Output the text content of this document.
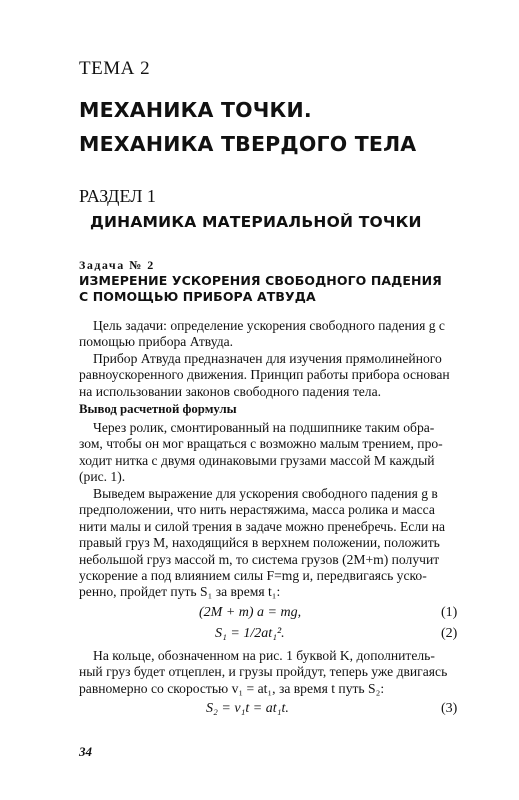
ТЕМА 2
МЕХАНИКА ТОЧКИ.
МЕХАНИКА ТВЕРДОГО ТЕЛА
РАЗДЕЛ 1
ДИНАМИКА МАТЕРИАЛЬНОЙ ТОЧКИ
Задача № 2
ИЗМЕРЕНИЕ УСКОРЕНИЯ СВОБОДНОГО ПАДЕНИЯ
С ПОМОЩЬЮ ПРИБОРА АТВУДА
Цель задачи: определение ускорения свободного падения g с
помощью прибора Атвуда.
Прибор Атвуда предназначен для изучения прямолинейного
равноускоренного движения. Принцип работы прибора основан
на использовании законов свободного падения тела.
Вывод расчетной формулы
Через ролик, смонтированный на подшипнике таким обра-
зом, чтобы он мог вращаться с возможно малым трением, про-
ходит нитка с двумя одинаковыми грузами массой M каждый
(рис. 1).
Выведем выражение для ускорения свободного падения g в
предположении, что нить нерастяжима, масса ролика и масса
нити малы и силой трения в задаче можно пренебречь. Если на
правый груз M, находящийся в верхнем положении, положить
небольшой груз массой m, то система грузов (2M+m) получит
ускорение a под влиянием силы F=mg и, передвигаясь уско-
ренно, пройдет путь S₁ за время t₁:
(2M + m) a = mg,	(1)
S₁ = 1/2at₁².	(2)
На кольце, обозначенном на рис. 1 буквой K, дополнитель-
ный груз будет отцеплен, и грузы пройдут, теперь уже двигаясь
равномерно со скоростью v₁ = at₁, за время t путь S₂:
S₂ = v₁t = at₁t.	(3)
34
